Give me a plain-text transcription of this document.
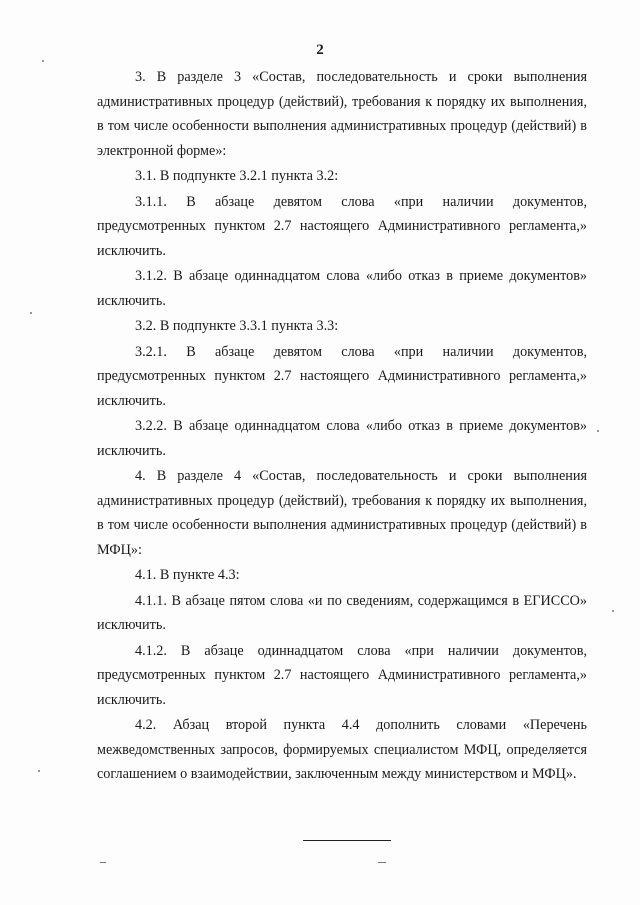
2

3. В разделе 3 «Состав, последовательность и сроки выполнения административных процедур (действий), требования к порядку их выполнения, в том числе особенности выполнения административных процедур (действий) в электронной форме»:

3.1. В подпункте 3.2.1 пункта 3.2:

3.1.1. В абзаце девятом слова «при наличии документов, предусмотренных пунктом 2.7 настоящего Административного регламента,» исключить.

3.1.2. В абзаце одиннадцатом слова «либо отказ в приеме документов» исключить.

3.2. В подпункте 3.3.1 пункта 3.3:

3.2.1. В абзаце девятом слова «при наличии документов, предусмотренных пунктом 2.7 настоящего Административного регламента,» исключить.

3.2.2. В абзаце одиннадцатом слова «либо отказ в приеме документов» исключить.

4. В разделе 4 «Состав, последовательность и сроки выполнения административных процедур (действий), требования к порядку их выполнения, в том числе особенности выполнения административных процедур (действий) в МФЦ»:

4.1. В пункте 4.3:

4.1.1. В абзаце пятом слова «и по сведениям, содержащимся в ЕГИССО» исключить.

4.1.2. В абзаце одиннадцатом слова «при наличии документов, предусмотренных пунктом 2.7 настоящего Административного регламента,» исключить.

4.2. Абзац второй пункта 4.4 дополнить словами «Перечень межведомственных запросов, формируемых специалистом МФЦ, определяется соглашением о взаимодействии, заключенным между министерством и МФЦ».
